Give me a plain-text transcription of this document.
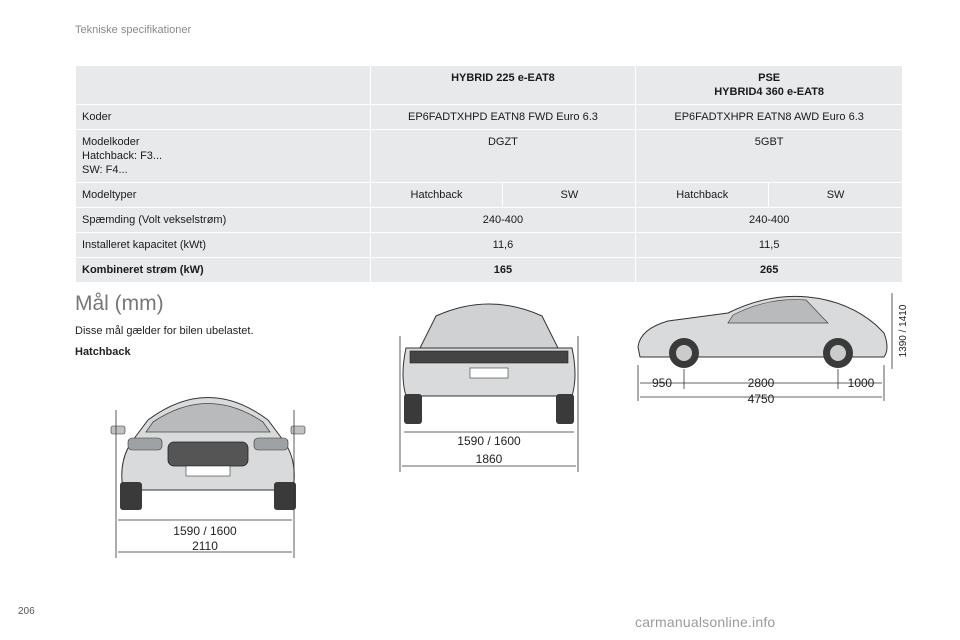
Tekniske specifikationer
	HYBRID 225 e-EAT8		PSE
HYBRID4 360 e-EAT8	
Koder	EP6FADTXHPD EATN8 FWD Euro 6.3		EP6FADTXHPR EATN8 AWD Euro 6.3	
Modelkoder
Hatchback: F3...
SW: F4...	DGZT		5GBT	
Modeltyper	Hatchback	SW	Hatchback	SW
Spæmding (Volt vekselstrøm)	240-400		240-400	
Installeret kapacitet (kWt)	11,6		11,5	
Kombineret strøm (kW)	165		265	
Mål (mm)
Disse mål gælder for bilen ubelastet.
Hatchback
1590 / 1600
2110
1590 / 1600
1860
950	2800	1000
4750
1390 / 1410
206
carmanualsonline.info
